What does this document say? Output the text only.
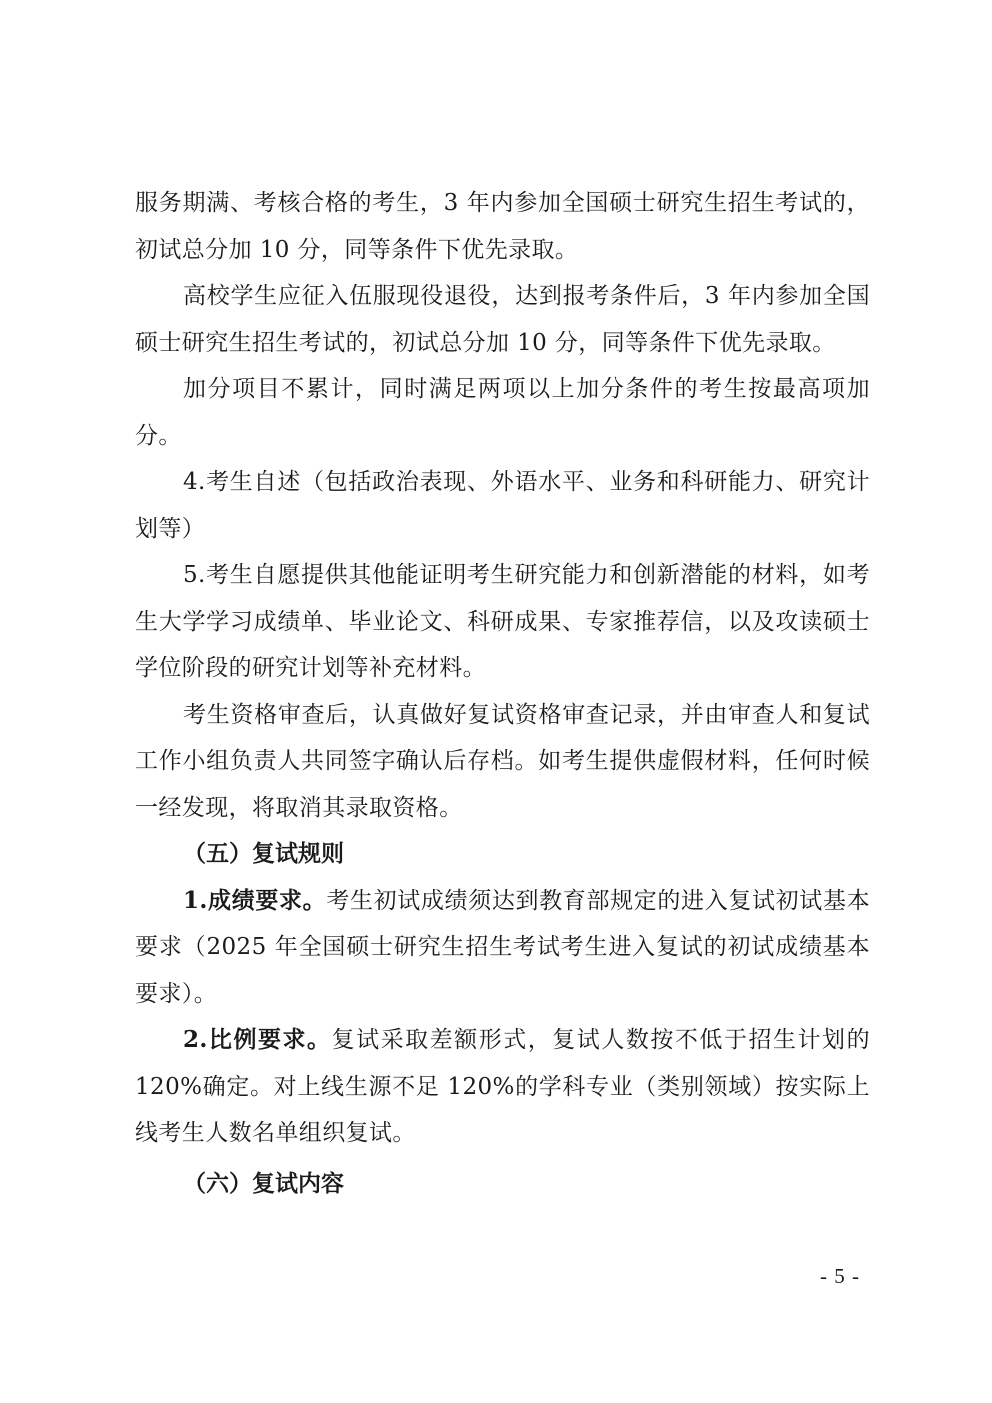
服务期满、考核合格的考生，3 年内参加全国硕士研究生招生考试的，初试总分加 10 分，同等条件下优先录取。

高校学生应征入伍服现役退役，达到报考条件后，3 年内参加全国硕士研究生招生考试的，初试总分加 10 分，同等条件下优先录取。

加分项目不累计，同时满足两项以上加分条件的考生按最高项加分。

4.考生自述（包括政治表现、外语水平、业务和科研能力、研究计划等）

5.考生自愿提供其他能证明考生研究能力和创新潜能的材料，如考生大学学习成绩单、毕业论文、科研成果、专家推荐信，以及攻读硕士学位阶段的研究计划等补充材料。

考生资格审查后，认真做好复试资格审查记录，并由审查人和复试工作小组负责人共同签字确认后存档。如考生提供虚假材料，任何时候一经发现，将取消其录取资格。

（五）复试规则

1.成绩要求。考生初试成绩须达到教育部规定的进入复试初试基本要求（2025 年全国硕士研究生招生考试考生进入复试的初试成绩基本要求）。

2.比例要求。复试采取差额形式，复试人数按不低于招生计划的 120%确定。对上线生源不足 120%的学科专业（类别领域）按实际上线考生人数名单组织复试。

（六）复试内容

- 5 -
